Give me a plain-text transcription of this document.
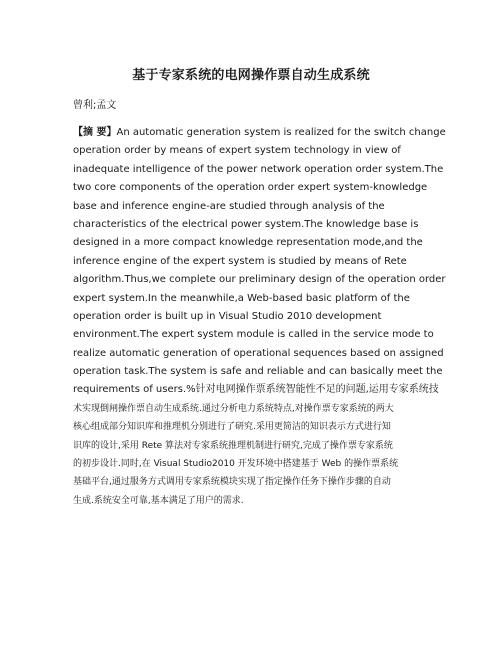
基于专家系统的电网操作票自动生成系统
曾利;孟文
【摘 要】An automatic generation system is realized for the switch change
operation order by means of expert system technology in view of
inadequate intelligence of the power network operation order system.The
two core components of the operation order expert system-knowledge
base and inference engine-are studied through analysis of the
characteristics of the electrical power system.The knowledge base is
designed in a more compact knowledge representation mode,and the
inference engine of the expert system is studied by means of Rete
algorithm.Thus,we complete our preliminary design of the operation order
expert system.In the meanwhile,a Web-based basic platform of the
operation order is built up in Visual Studio 2010 development
environment.The expert system module is called in the service mode to
realize automatic generation of operational sequences based on assigned
operation task.The system is safe and reliable and can basically meet the
requirements of users.%针对电网操作票系统智能性不足的问题,运用专家系统技
术实现倒闸操作票自动生成系统.通过分析电力系统特点,对操作票专家系统的两大
核心组成部分知识库和推理机分别进行了研究.采用更简洁的知识表示方式进行知
识库的设计,采用 Rete 算法对专家系统推理机制进行研究,完成了操作票专家系统
的初步设计.同时,在 Visual Studio2010 开发环境中搭建基于 Web 的操作票系统
基础平台,通过服务方式调用专家系统模块实现了指定操作任务下操作步骤的自动
生成.系统安全可靠,基本满足了用户的需求.
